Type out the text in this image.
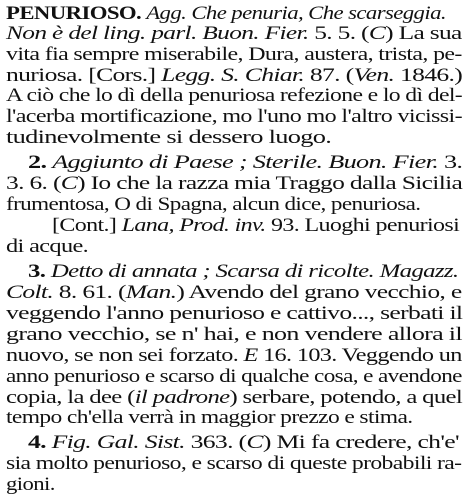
PENURIOSO. Agg. Che penuria, Che scarseggia.
Non è del ling. parl. Buon. Fier. 5. 5. (C) La sua
vita fia sempre miserabile, Dura, austera, trista, pe-
nuriosa. [Cors.] Legg. S. Chiar. 87. (Ven. 1846.)
A ciò che lo dì della penuriosa refezione e lo dì del-
l'acerba mortificazione, mo l'uno mo l'altro vicissi-
tudinevolmente si dessero luogo.
2. Aggiunto di Paese ; Sterile. Buon. Fier. 3.
3. 6. (C) Io che la razza mia Traggo dalla Sicilia
frumentosa, O di Spagna, alcun dice, penuriosa.
[Cont.] Lana, Prod. inv. 93. Luoghi penuriosi
di acque.
3. Detto di annata ; Scarsa di ricolte. Magazz.
Colt. 8. 61. (Man.) Avendo del grano vecchio, e
veggendo l'anno penurioso e cattivo..., serbati il
grano vecchio, se n' hai, e non vendere allora il
nuovo, se non sei forzato. E 16. 103. Veggendo un
anno penurioso e scarso di qualche cosa, e avendone
copia, la dee (il padrone) serbare, potendo, a quel
tempo ch'ella verrà in maggior prezzo e stima.
4. Fig. Gal. Sist. 363. (C) Mi fa credere, ch'e'
sia molto penurioso, e scarso di queste probabili ra-
gioni.
